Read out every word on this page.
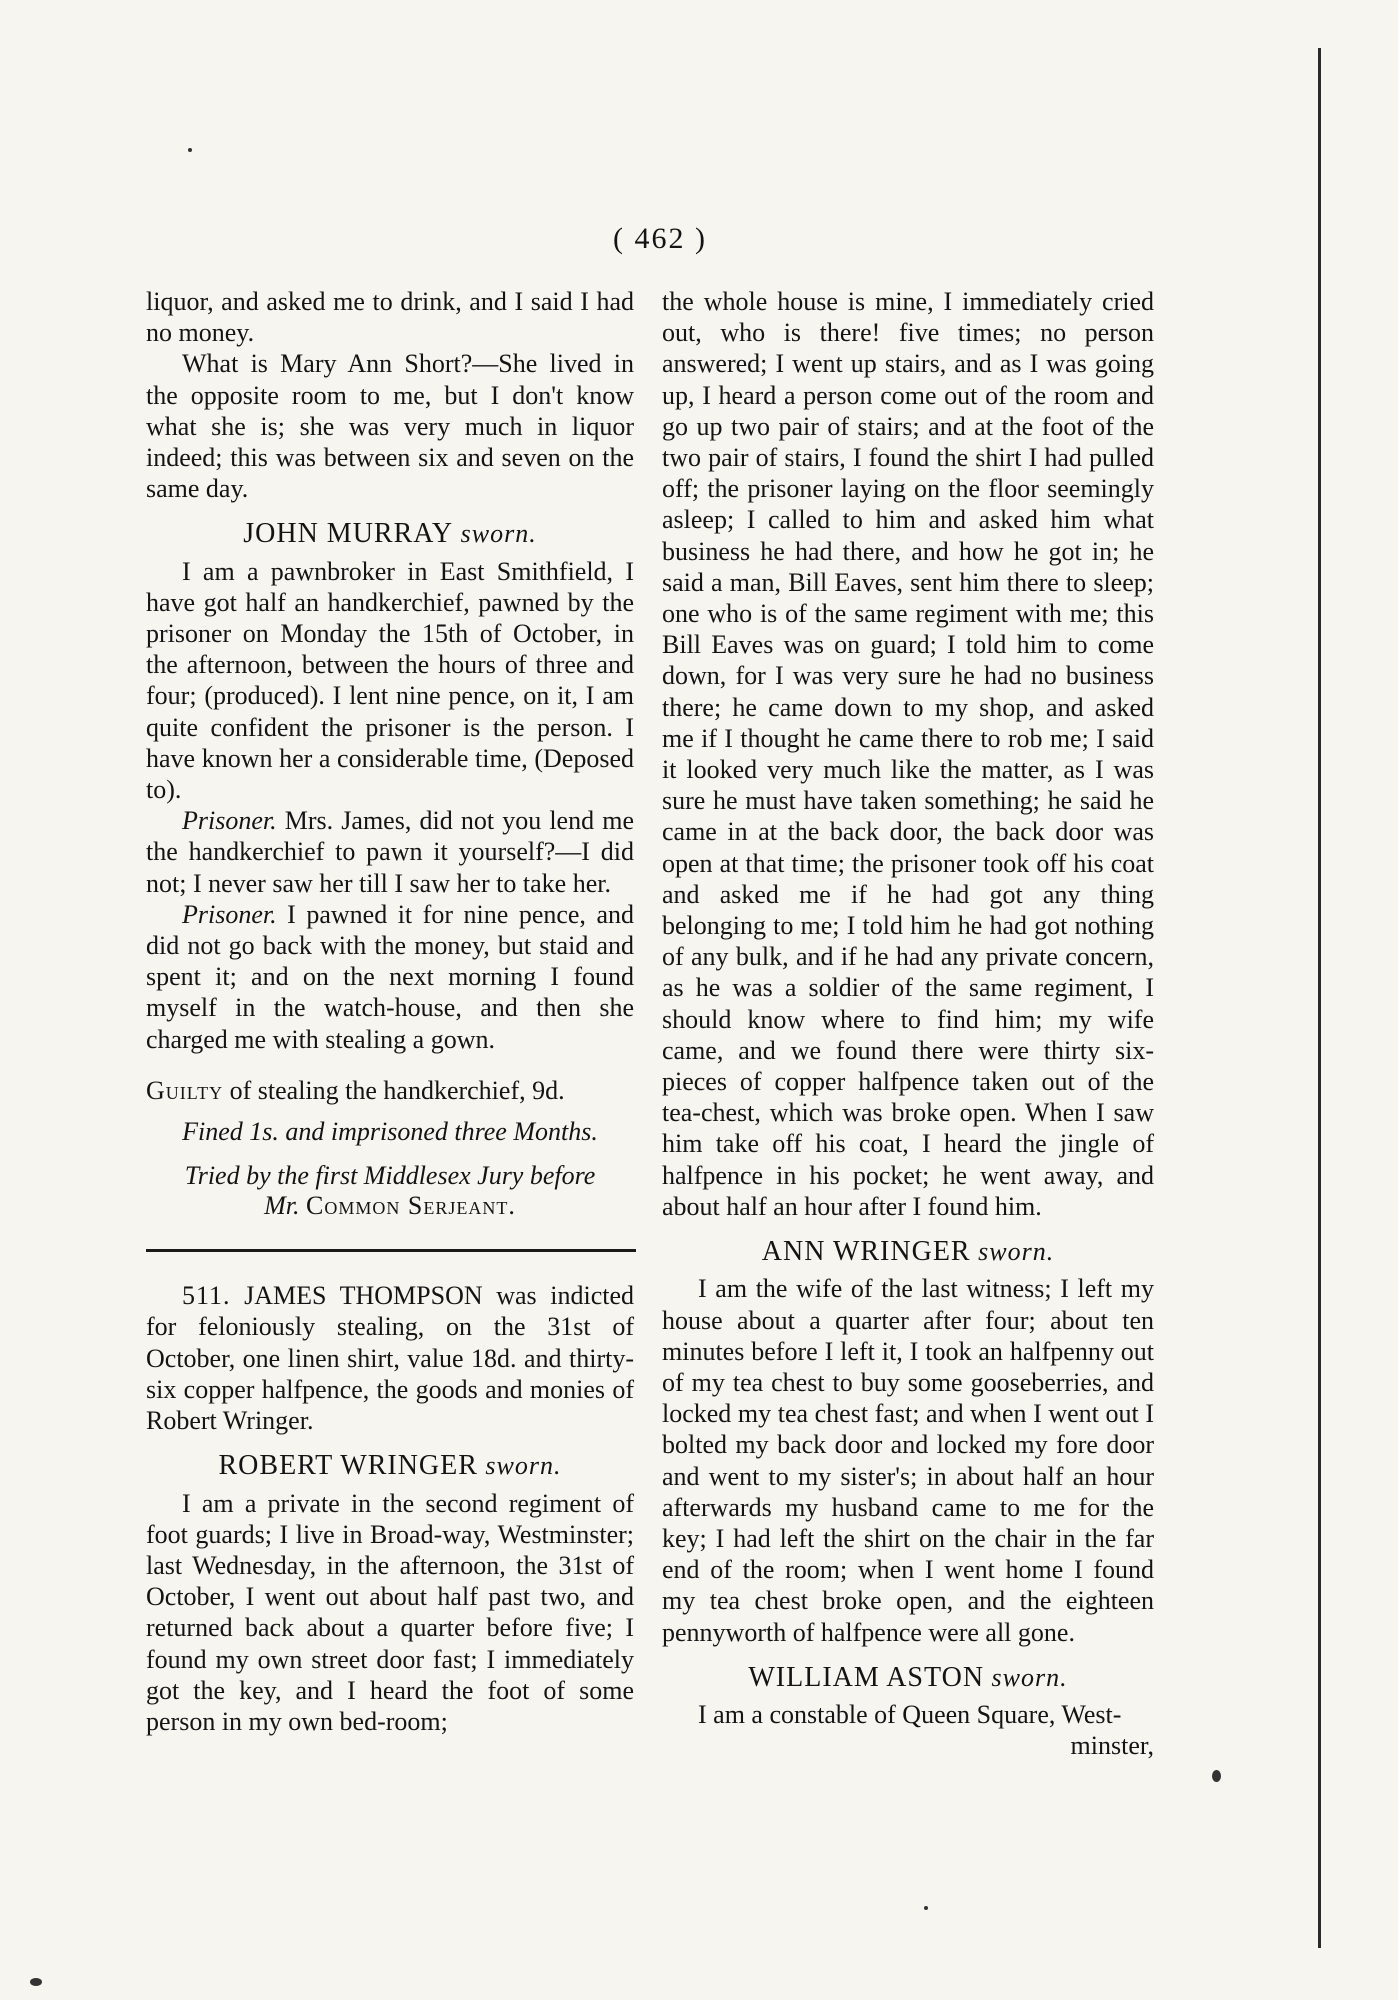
( 462 )

liquor, and asked me to drink, and I said I had no money.

What is Mary Ann Short?—She lived in the opposite room to me, but I don't know what she is; she was very much in liquor indeed; this was between six and seven on the same day.

JOHN MURRAY sworn.

I am a pawnbroker in East Smithfield, I have got half an handkerchief, pawned by the prisoner on Monday the 15th of October, in the afternoon, between the hours of three and four; (produced). I lent nine pence, on it, I am quite confident the prisoner is the person. I have known her a considerable time, (Deposed to).

Prisoner. Mrs. James, did not you lend me the handkerchief to pawn it yourself?—I did not; I never saw her till I saw her to take her.

Prisoner. I pawned it for nine pence, and did not go back with the money, but staid and spent it; and on the next morning I found myself in the watch-house, and then she charged me with stealing a gown.

Guilty of stealing the handkerchief, 9d.

Fined 1s. and imprisoned three Months.

Tried by the first Middlesex Jury before
Mr. Common Serjeant.

511. JAMES THOMPSON was indicted for feloniously stealing, on the 31st of October, one linen shirt, value 18d. and thirty-six copper halfpence, the goods and monies of Robert Wringer.

ROBERT WRINGER sworn.

I am a private in the second regiment of foot guards; I live in Broad-way, Westminster; last Wednesday, in the afternoon, the 31st of October, I went out about half past two, and returned back about a quarter before five; I found my own street door fast; I immediately got the key, and I heard the foot of some person in my own bed-room;

the whole house is mine, I immediately cried out, who is there! five times; no person answered; I went up stairs, and as I was going up, I heard a person come out of the room and go up two pair of stairs; and at the foot of the two pair of stairs, I found the shirt I had pulled off; the prisoner laying on the floor seemingly asleep; I called to him and asked him what business he had there, and how he got in; he said a man, Bill Eaves, sent him there to sleep; one who is of the same regiment with me; this Bill Eaves was on guard; I told him to come down, for I was very sure he had no business there; he came down to my shop, and asked me if I thought he came there to rob me; I said it looked very much like the matter, as I was sure he must have taken something; he said he came in at the back door, the back door was open at that time; the prisoner took off his coat and asked me if he had got any thing belonging to me; I told him he had got nothing of any bulk, and if he had any private concern, as he was a soldier of the same regiment, I should know where to find him; my wife came, and we found there were thirty six-pieces of copper halfpence taken out of the tea-chest, which was broke open. When I saw him take off his coat, I heard the jingle of halfpence in his pocket; he went away, and about half an hour after I found him.

ANN WRINGER sworn.

I am the wife of the last witness; I left my house about a quarter after four; about ten minutes before I left it, I took an halfpenny out of my tea chest to buy some gooseberries, and locked my tea chest fast; and when I went out I bolted my back door and locked my fore door and went to my sister's; in about half an hour afterwards my husband came to me for the key; I had left the shirt on the chair in the far end of the room; when I went home I found my tea chest broke open, and the eighteen pennyworth of halfpence were all gone.

WILLIAM ASTON sworn.

I am a constable of Queen Square, West-

minster,
